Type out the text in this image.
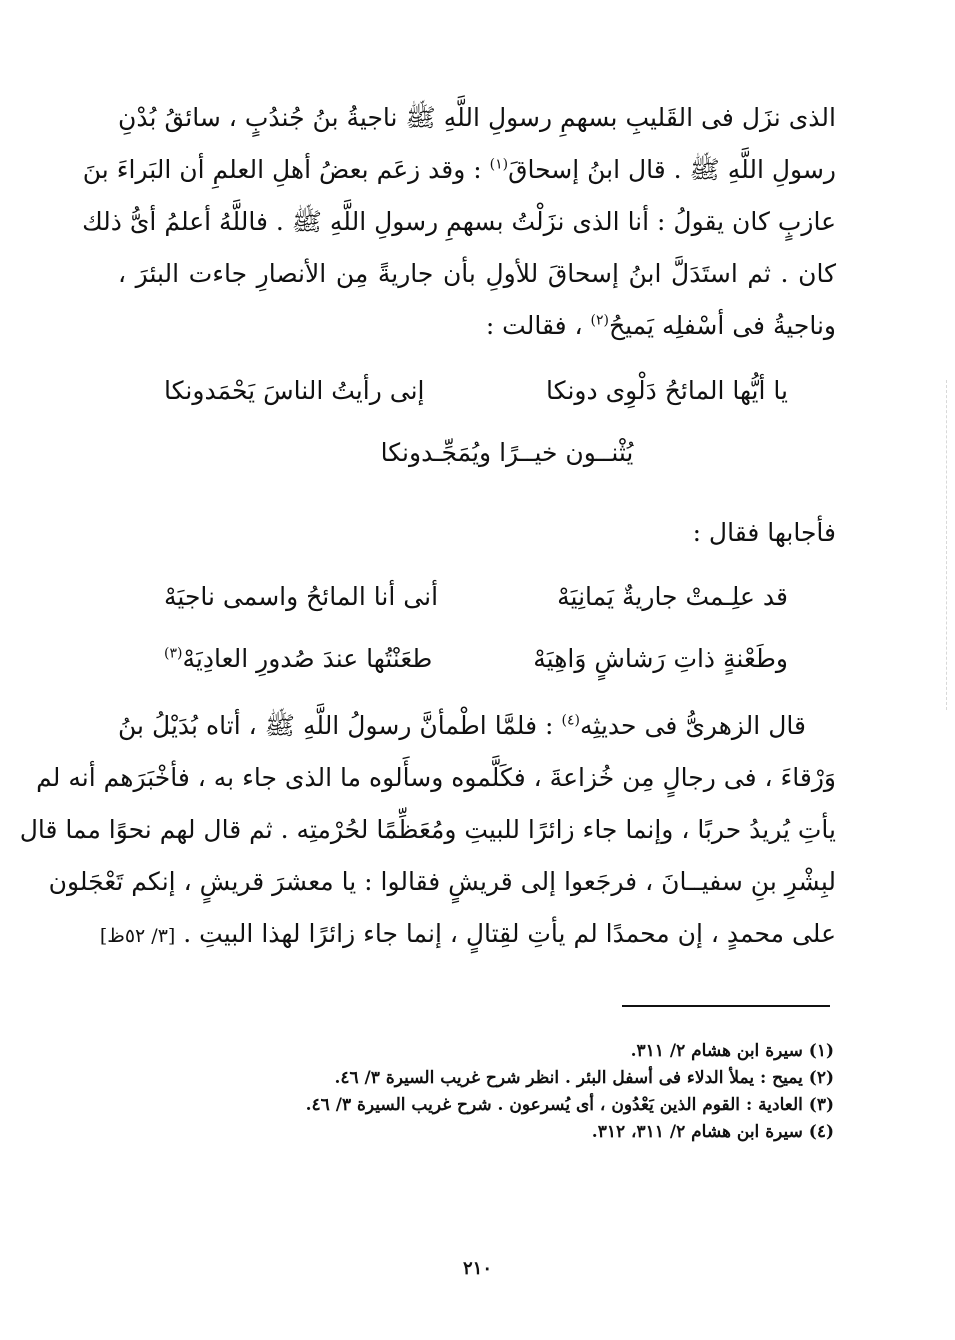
الذى نزَل فى القَليبِ بسهمِ رسولِ اللَّهِ ﷺ ناجيةُ بنُ جُندُبٍ ، سائقُ بُدْنِ
رسولِ اللَّهِ ﷺ . قال ابنُ إسحاقَ$^{(١)}$ : وقد زعَم بعضُ أهلِ العلمِ أن البَراءَ بنَ
عازبٍ كان يقولُ : أنا الذى نزَلْتُ بسهمِ رسولِ اللَّهِ ﷺ . فاللَّهُ أعلمُ أىُّ ذلك
كان . ثم استَدَلَّ ابنُ إسحاقَ للأولِ بأن جاريةً مِن الأنصارِ جاءت البئرَ ،
وناجيةُ فى أسْفلِه يَميحُ$^{(٢)}$ ، فقالت :
يا أيُّها المائحُ دَلْوِى دونكا
إنى رأيتُ الناسَ يَحْمَدونكا
يُثْنــون خيــرًا ويُمَجِّـدونكا
فأجابها فقال :
قد علِـمتْ جاريةٌ يَمانِيَهْ
أنى أنا المائحُ واسمى ناجيَهْ
وطَعْنةٍ ذاتِ رَشاشٍ وَاهِيَهْ
طعَنْتُها عندَ صُدورِ العادِيَهْ$^{(٣)}$
قال الزهرىُّ فى حديثِه$^{(٤)}$ : فلمَّا اطْمأنَّ رسولُ اللَّهِ ﷺ ، أتاه بُدَيْلُ بنُ
وَرْقاءَ ، فى رجالٍ مِن خُزاعةَ ، فكَلَّموه وسأَلوه ما الذى جاء به ، فأخْبَرَهم أنه لم
يأتِ يُريدُ حربًا ، وإنما جاء زائرًا للبيتِ ومُعَظِّمًا لحُرْمتِه . ثم قال لهم نحوًا مما قال
لبِشْرِ بنِ سفيــانَ ، فرجَعوا إلى قريشٍ فقالوا : يا معشرَ قريشٍ ، إنكم تَعْجَلون
على محمدٍ ، إن محمدًا لم يأتِ لقِتالٍ ، إنما جاء زائرًا لهذا البيتِ . [٣/ ٥٢ظ]
(١) سيرة ابن هشام ٢/ ٣١١.
(٢) يميح : يملأ الدلاء فى أسفل البئر . انظر شرح غريب السيرة ٣/ ٤٦.
(٣) العادية : القوم الذين يَعْدُون ، أى يُسرعون . شرح غريب السيرة ٣/ ٤٦.
(٤) سيرة ابن هشام ٢/ ٣١١، ٣١٢.
٢١٠
